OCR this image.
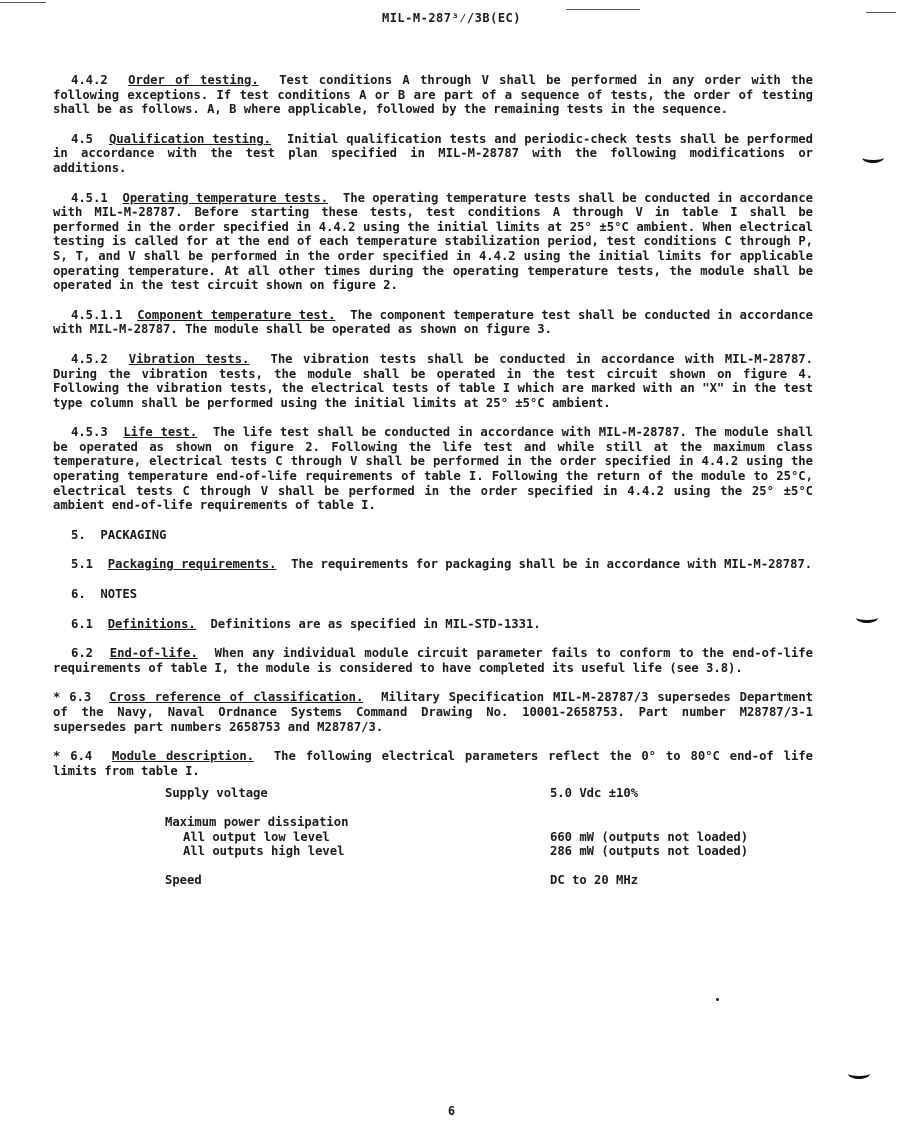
MIL-M-287³⁄/3B(EC)

4.4.2 Order of testing. Test conditions A through V shall be performed in any order with the following exceptions. If test conditions A or B are part of a sequence of tests, the order of testing shall be as follows. A, B where applicable, followed by the remaining tests in the sequence.

4.5 Qualification testing. Initial qualification tests and periodic-check tests shall be performed in accordance with the test plan specified in MIL-M-28787 with the following modifications or additions.

4.5.1 Operating temperature tests. The operating temperature tests shall be conducted in accordance with MIL-M-28787. Before starting these tests, test conditions A through V in table I shall be performed in the order specified in 4.4.2 using the initial limits at 25° ±5°C ambient. When electrical testing is called for at the end of each temperature stabilization period, test conditions C through P, S, T, and V shall be performed in the order specified in 4.4.2 using the initial limits for applicable operating temperature. At all other times during the operating temperature tests, the module shall be operated in the test circuit shown on figure 2.

4.5.1.1 Component temperature test. The component temperature test shall be conducted in accordance with MIL-M-28787. The module shall be operated as shown on figure 3.

4.5.2 Vibration tests. The vibration tests shall be conducted in accordance with MIL-M-28787. During the vibration tests, the module shall be operated in the test circuit shown on figure 4. Following the vibration tests, the electrical tests of table I which are marked with an "X" in the test type column shall be performed using the initial limits at 25° ±5°C ambient.

4.5.3 Life test. The life test shall be conducted in accordance with MIL-M-28787. The module shall be operated as shown on figure 2. Following the life test and while still at the maximum class temperature, electrical tests C through V shall be performed in the order specified in 4.4.2 using the operating temperature end-of-life requirements of table I. Following the return of the module to 25°C, electrical tests C through V shall be performed in the order specified in 4.4.2 using the 25° ±5°C ambient end-of-life requirements of table I.

5. PACKAGING

5.1 Packaging requirements. The requirements for packaging shall be in accordance with MIL-M-28787.

6. NOTES

6.1 Definitions. Definitions are as specified in MIL-STD-1331.

6.2 End-of-life. When any individual module circuit parameter fails to conform to the end-of-life requirements of table I, the module is considered to have completed its useful life (see 3.8).

* 6.3 Cross reference of classification. Military Specification MIL-M-28787/3 supersedes Department of the Navy, Naval Ordnance Systems Command Drawing No. 10001-2658753. Part number M28787/3-1 supersedes part numbers 2658753 and M28787/3.

* 6.4 Module description. The following electrical parameters reflect the 0° to 80°C end-of life limits from table I.

Supply voltage	5.0 Vdc ±10%
Maximum power dissipation
All output low level	660 mW (outputs not loaded)
All outputs high level	286 mW (outputs not loaded)
Speed	DC to 20 MHz
6
